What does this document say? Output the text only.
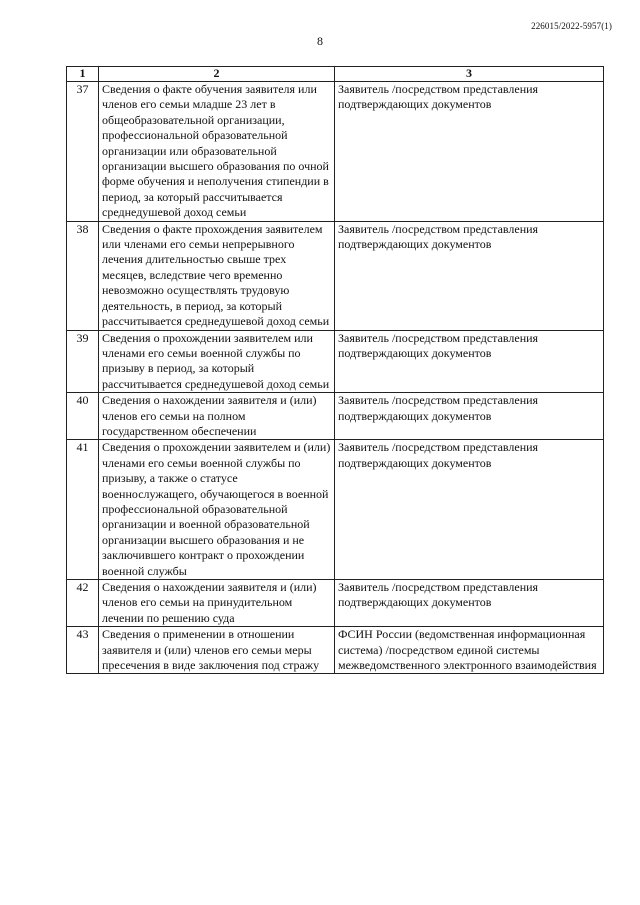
226015/2022-5957(1)
8
1	2	3
37	Сведения о факте обучения заявителя или членов его семьи младше 23 лет в общеобразовательной организации, профессиональной образовательной организации или образовательной организации высшего образования по очной форме обучения и неполучения стипендии в период, за который рассчитывается среднедушевой доход семьи	Заявитель /посредством представления подтверждающих документов
38	Сведения о факте прохождения заявителем или членами его семьи непрерывного лечения длительностью свыше трех месяцев, вследствие чего временно невозможно осуществлять трудовую деятельность, в период, за который рассчитывается среднедушевой доход семьи	Заявитель /посредством представления подтверждающих документов
39	Сведения о прохождении заявителем или членами его семьи военной службы по призыву в период, за который рассчитывается среднедушевой доход семьи	Заявитель /посредством представления подтверждающих документов
40	Сведения о нахождении заявителя и (или) членов его семьи на полном государственном обеспечении	Заявитель /посредством представления подтверждающих документов
41	Сведения о прохождении заявителем и (или) членами его семьи военной службы по призыву, а также о статусе военнослужащего, обучающегося в военной профессиональной образовательной организации и военной образовательной организации высшего образования и не заключившего контракт о прохождении военной службы	Заявитель /посредством представления подтверждающих документов
42	Сведения о нахождении заявителя и (или) членов его семьи на принудительном лечении по решению суда	Заявитель /посредством представления подтверждающих документов
43	Сведения о применении в отношении заявителя и (или) членов его семьи меры пресечения в виде заключения под стражу	ФСИН России (ведомственная информационная система) /посредством единой системы межведомственного электронного взаимодействия
